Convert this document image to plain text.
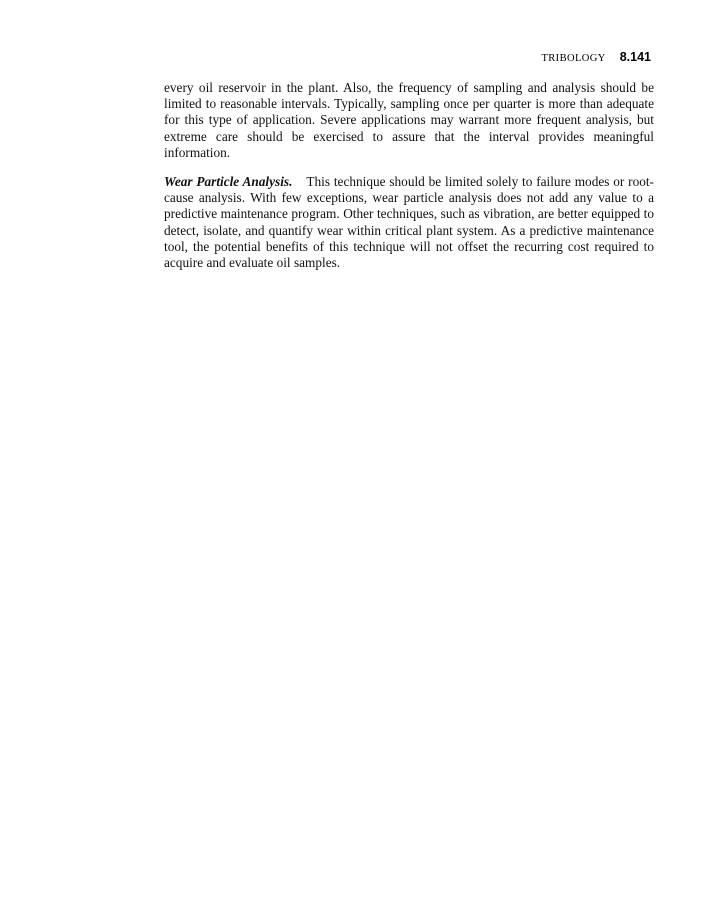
TRIBOLOGY 8.141

every oil reservoir in the plant. Also, the frequency of sampling and analysis should be limited to reasonable intervals. Typically, sampling once per quarter is more than adequate for this type of application. Severe applications may warrant more frequent analysis, but extreme care should be exercised to assure that the interval provides meaningful information.

Wear Particle Analysis. This technique should be limited solely to failure modes or root-cause analysis. With few exceptions, wear particle analysis does not add any value to a predictive maintenance program. Other techniques, such as vibration, are better equipped to detect, isolate, and quantify wear within critical plant system. As a predictive maintenance tool, the potential benefits of this technique will not offset the recurring cost required to acquire and evaluate oil samples.
